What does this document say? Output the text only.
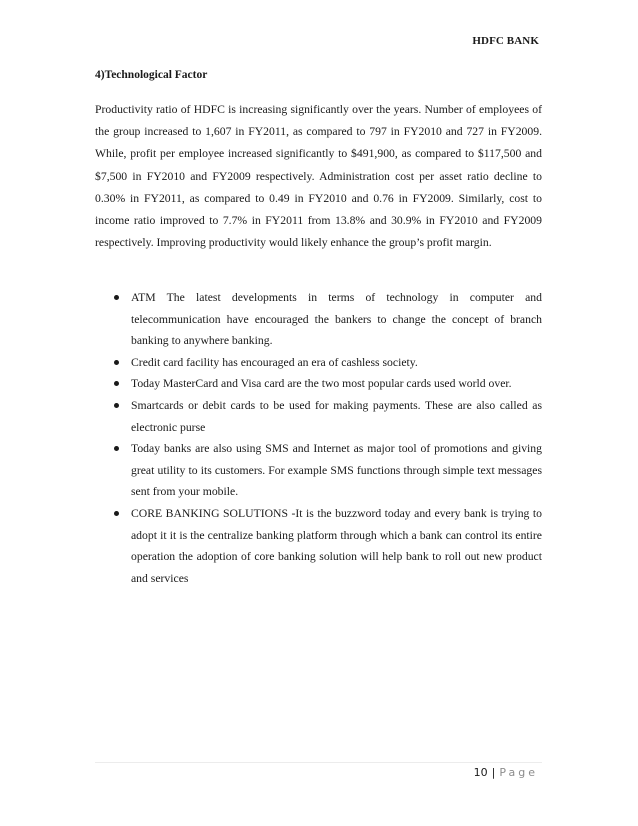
HDFC BANK
4)Technological Factor
Productivity ratio of HDFC is increasing significantly over the years. Number of employees of the group increased to 1,607 in FY2011, as compared to 797 in FY2010 and 727 in FY2009. While, profit per employee increased significantly to $491,900, as compared to $117,500 and $7,500 in FY2010 and FY2009 respectively. Administration cost per asset ratio decline to 0.30% in FY2011, as compared to 0.49 in FY2010 and 0.76 in FY2009. Similarly, cost to income ratio improved to 7.7% in FY2011 from 13.8% and 30.9% in FY2010 and FY2009 respectively. Improving productivity would likely enhance the group’s profit margin.
ATM The latest developments in terms of technology in computer and telecommunication have encouraged the bankers to change the concept of branch banking to anywhere banking.
Credit card facility has encouraged an era of cashless society.
Today MasterCard and Visa card are the two most popular cards used world over.
Smartcards or debit cards to be used for making payments. These are also called as electronic purse
Today banks are also using SMS and Internet as major tool of promotions and giving great utility to its customers. For example SMS functions through simple text messages sent from your mobile.
CORE BANKING SOLUTIONS -It is the buzzword today and every bank is trying to adopt it it is the centralize banking platform through which a bank can control its entire operation the adoption of core banking solution will help bank to roll out new product and services
10 | Page
